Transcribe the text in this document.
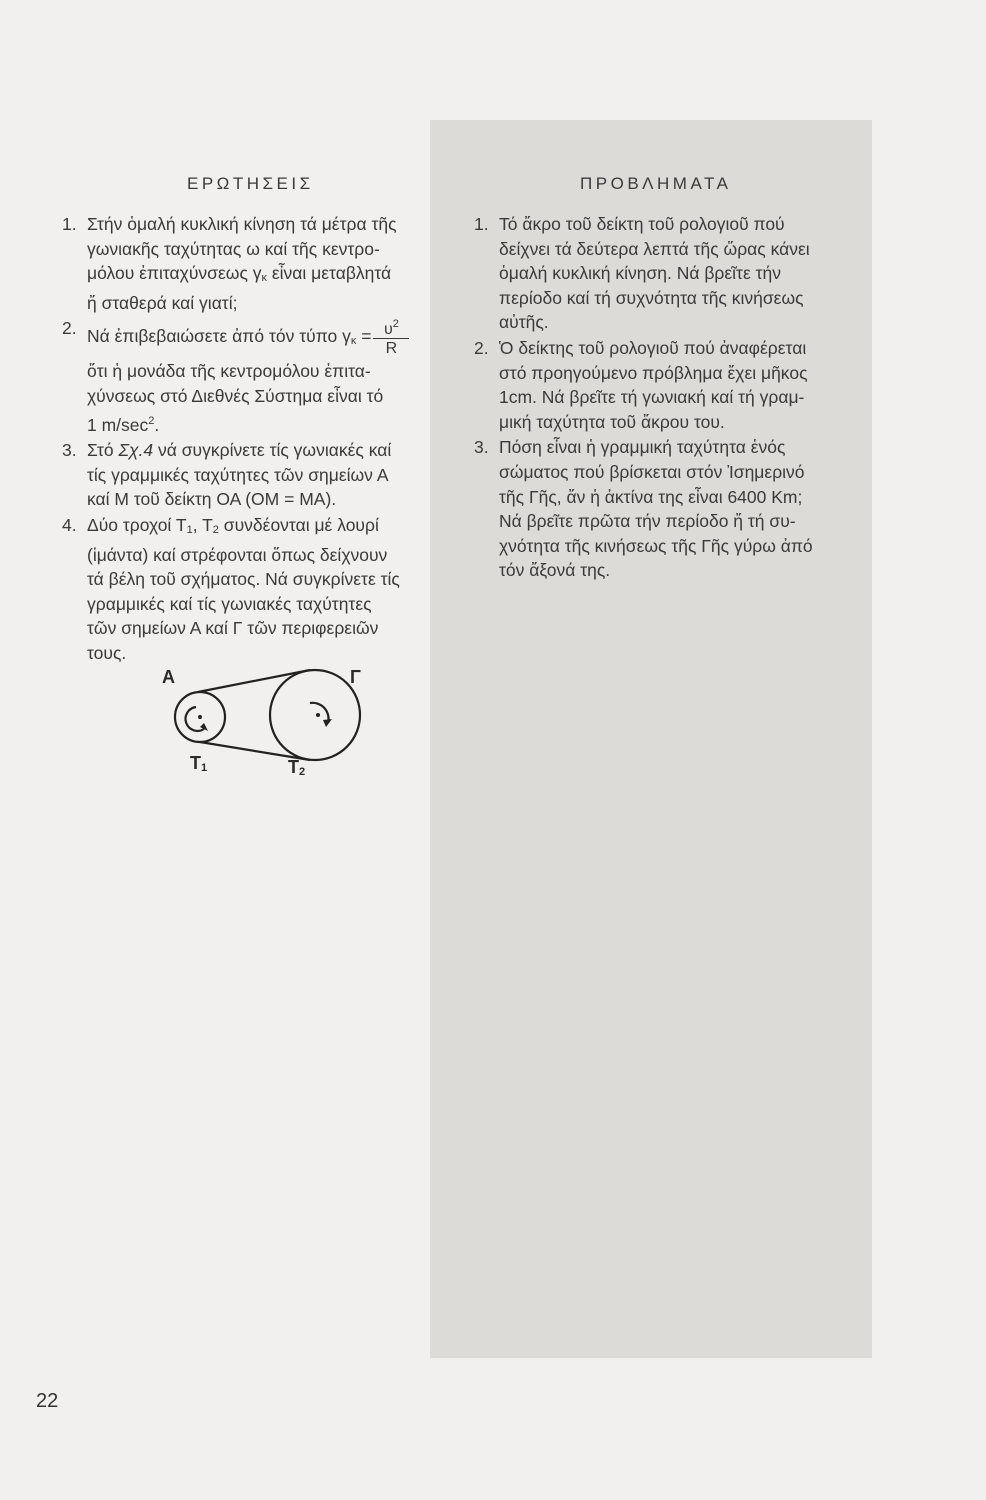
ΕΡΩΤΗΣΕΙΣ
1. Στήν ὁμαλή κυκλική κίνηση τά μέτρα τῆς
γωνιακῆς ταχύτητας ω καί τῆς κεντρο-
μόλου ἐπιταχύνσεως γκ εἶναι μεταβλητά
ἤ σταθερά καί γιατί;
2. Νά ἐπιβεβαιώσετε ἀπό τόν τύπο $\gamma\kappa = \frac{\upsilon^2}{R}$
ὅτι ἡ μονάδα τῆς κεντρομόλου ἐπιτα-
χύνσεως στό Διεθνές Σύστημα εἶναι τό
1 $m/\sec^2$.
3. Στό Σχ.4 νά συγκρίνετε τίς γωνιακές καί
τίς γραμμικές ταχύτητες τῶν σημείων Α
καί Μ τοῦ δείκτη ΟΑ (ΟΜ = ΜΑ).
4. Δύο τροχοί Τ1, Τ2 συνδέονται μέ λουρί
(ἱμάντα) καί στρέφονται ὅπως δείχνουν
τά βέλη τοῦ σχήματος. Νά συγκρίνετε τίς
γραμμικές καί τίς γωνιακές ταχύτητες
τῶν σημείων Α καί Γ τῶν περιφερειῶν
τους.
ΠΡΟΒΛΗΜΑΤΑ
1. Τό ἄκρο τοῦ δείκτη τοῦ ρολογιοῦ πού
δείχνει τά δεύτερα λεπτά τῆς ὥρας κάνει
ὁμαλή κυκλική κίνηση. Νά βρεῖτε τήν
περίοδο καί τή συχνότητα τῆς κινήσεως
αὐτῆς.
2. Ὁ δείκτης τοῦ ρολογιοῦ πού ἀναφέρεται
στό προηγούμενο πρόβλημα ἔχει μῆκος
1cm. Νά βρεῖτε τή γωνιακή καί τή γραμ-
μική ταχύτητα τοῦ ἄκρου του.
3. Πόση εἶναι ἡ γραμμική ταχύτητα ἑνός
σώματος πού βρίσκεται στόν Ἰσημερινό
τῆς Γῆς, ἄν ἡ ἀκτίνα της εἶναι 6400 Km;
Νά βρεῖτε πρῶτα τήν περίοδο ἤ τή συ-
χνότητα τῆς κινήσεως τῆς Γῆς γύρω ἀπό
τόν ἄξονά της.
Α	Γ
Τ1	Τ2
22
